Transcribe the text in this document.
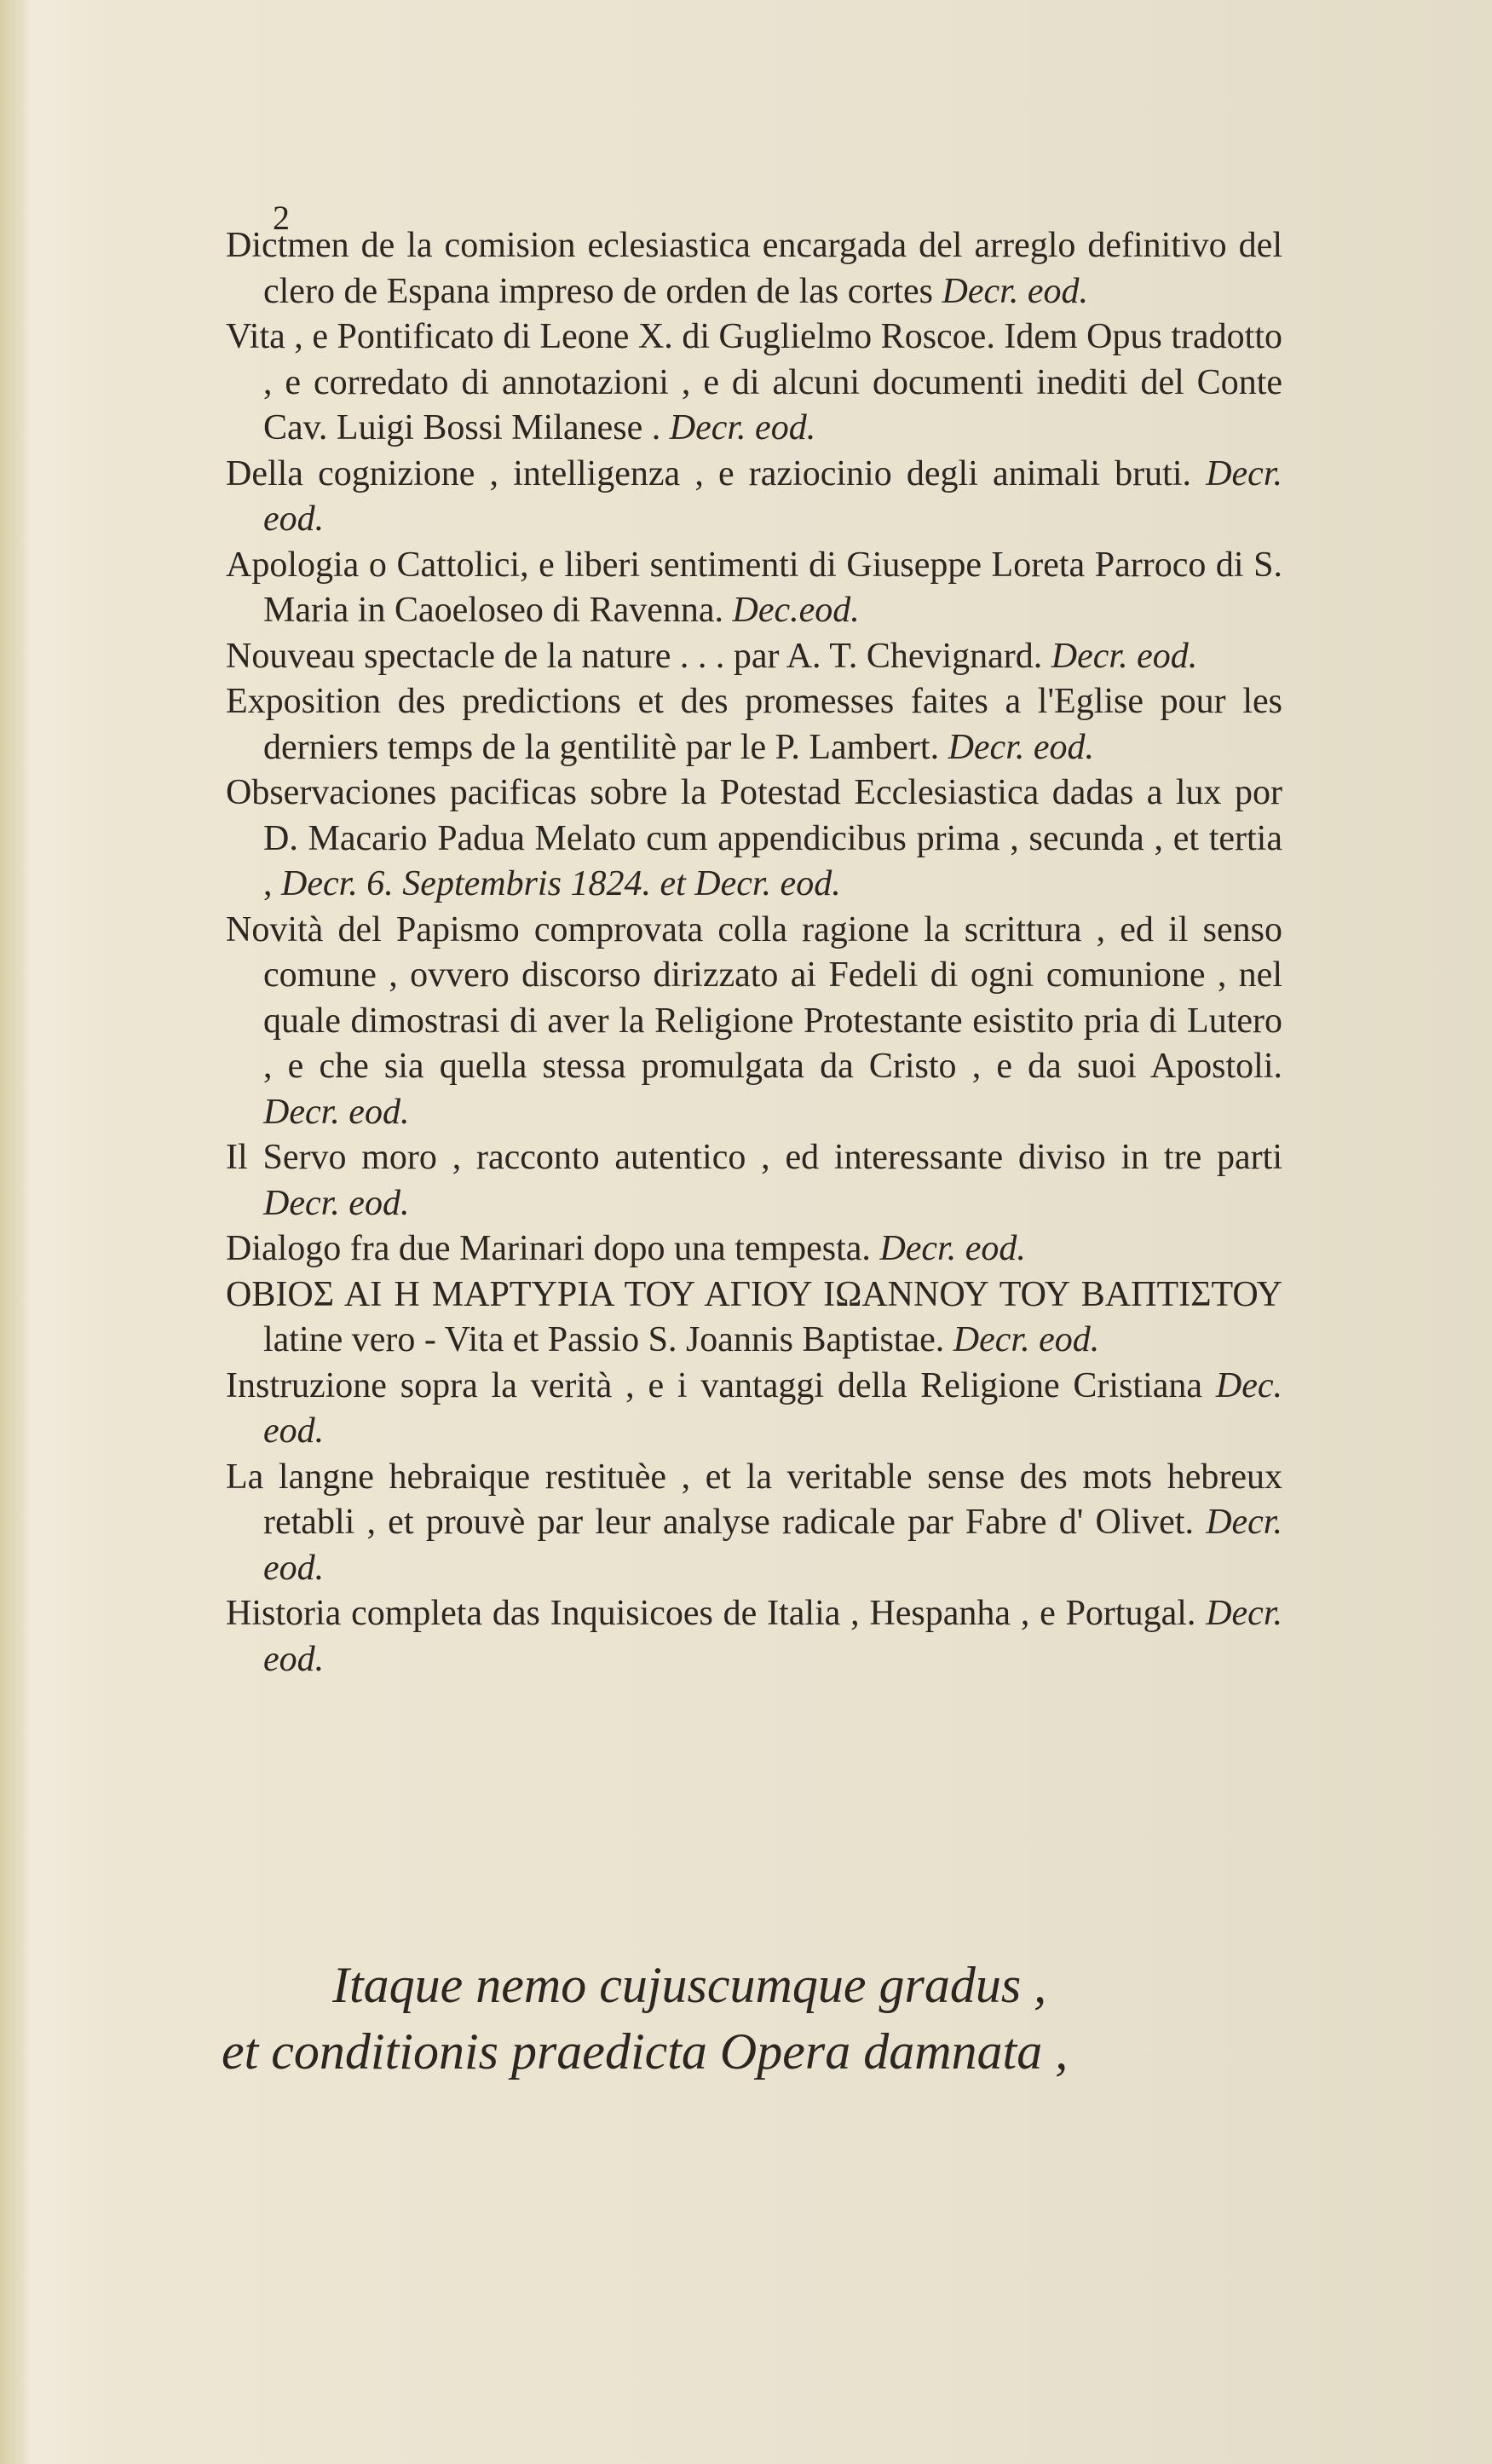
2

Dictmen de la comision eclesiastica encargada del arreglo definitivo del clero de Espana impreso de orden de las cortes Decr. eod.

Vita , e Pontificato di Leone X. di Guglielmo Roscoe. Idem Opus tradotto , e corredato di annotazioni , e di alcuni documenti inediti del Conte Cav. Luigi Bossi Milanese . Decr. eod.

Della cognizione , intelligenza , e raziocinio degli animali bruti. Decr. eod.

Apologia o Cattolici, e liberi sentimenti di Giuseppe Loreta Parroco di S. Maria in Caoeloseo di Ravenna. Dec.eod.

Nouveau spectacle de la nature . . . par A. T. Chevignard. Decr. eod.

Exposition des predictions et des promesses faites a l'Eglise pour les derniers temps de la gentilitè par le P. Lambert. Decr. eod.

Observaciones pacificas sobre la Potestad Ecclesiastica dadas a lux por D. Macario Padua Melato cum appendicibus prima , secunda , et tertia , Decr. 6. Septembris 1824. et Decr. eod.

Novità del Papismo comprovata colla ragione la scrittura , ed il senso comune , ovvero discorso dirizzato ai Fedeli di ogni comunione , nel quale dimostrasi di aver la Religione Protestante esistito pria di Lutero , e che sia quella stessa promulgata da Cristo , e da suoi Apostoli. Decr. eod.

Il Servo moro , racconto autentico , ed interessante diviso in tre parti Decr. eod.

Dialogo fra due Marinari dopo una tempesta. Decr. eod.

ΟΒΙΟΣ ΑΙ Η ΜΑΡΤΥΡΙΑ ΤΟΥ ΑΓΙΟΥ ΙΩΑΝΝΟΥ ΤΟΥ ΒΑΠΤΙΣΤΟΥ latine vero - Vita et Passio S. Joannis Baptistae. Decr. eod.

Instruzione sopra la verità , e i vantaggi della Religione Cristiana Dec. eod.

La langne hebraique restituèe , et la veritable sense des mots hebreux retabli , et prouvè par leur analyse radicale par Fabre d' Olivet. Decr. eod.

Historia completa das Inquisicoes de Italia , Hespanha , e Portugal. Decr. eod.

Itaque nemo cujuscumque gradus ,
et conditionis praedicta Opera damnata ,
